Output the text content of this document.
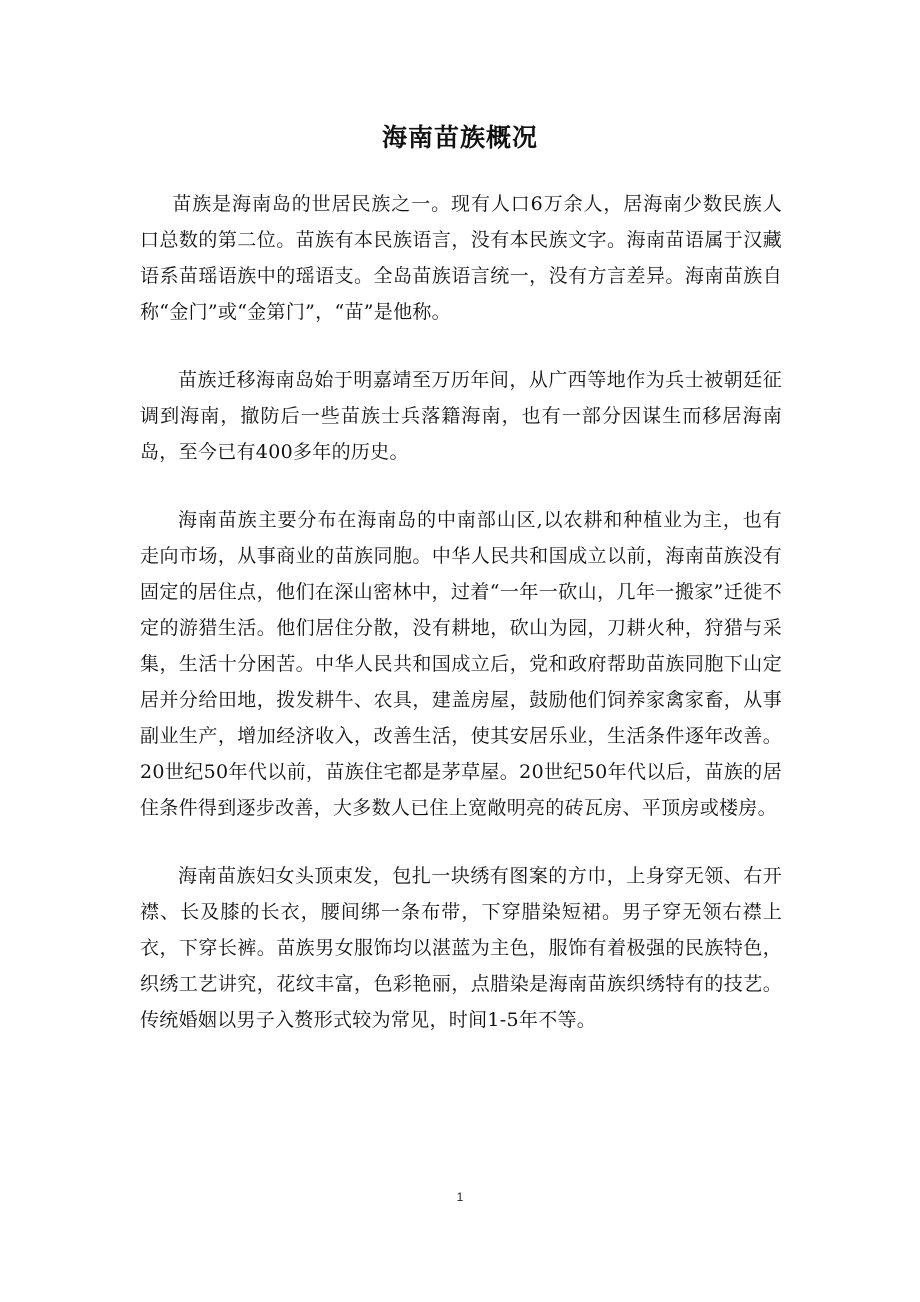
海南苗族概况

苗族是海南岛的世居民族之一。现有人口6万余人，居海南少数民族人口总数的第二位。苗族有本民族语言，没有本民族文字。海南苗语属于汉藏语系苗瑶语族中的瑶语支。全岛苗族语言统一，没有方言差异。海南苗族自称“金门”或“金第门”，“苗”是他称。

苗族迁移海南岛始于明嘉靖至万历年间，从广西等地作为兵士被朝廷征调到海南，撤防后一些苗族士兵落籍海南，也有一部分因谋生而移居海南岛，至今已有400多年的历史。

海南苗族主要分布在海南岛的中南部山区,以农耕和种植业为主，也有走向市场，从事商业的苗族同胞。中华人民共和国成立以前，海南苗族没有固定的居住点，他们在深山密林中，过着“一年一砍山，几年一搬家”迁徙不定的游猎生活。他们居住分散，没有耕地，砍山为园，刀耕火种，狩猎与采集，生活十分困苦。中华人民共和国成立后，党和政府帮助苗族同胞下山定居并分给田地，拨发耕牛、农具，建盖房屋，鼓励他们饲养家禽家畜，从事副业生产，增加经济收入，改善生活，使其安居乐业，生活条件逐年改善。20世纪50年代以前，苗族住宅都是茅草屋。20世纪50年代以后，苗族的居住条件得到逐步改善，大多数人已住上宽敞明亮的砖瓦房、平顶房或楼房。

海南苗族妇女头顶束发，包扎一块绣有图案的方巾，上身穿无领、右开襟、长及膝的长衣，腰间绑一条布带，下穿腊染短裙。男子穿无领右襟上衣，下穿长裤。苗族男女服饰均以湛蓝为主色，服饰有着极强的民族特色，织绣工艺讲究，花纹丰富，色彩艳丽，点腊染是海南苗族织绣特有的技艺。传统婚姻以男子入赘形式较为常见，时间1-5年不等。

1
